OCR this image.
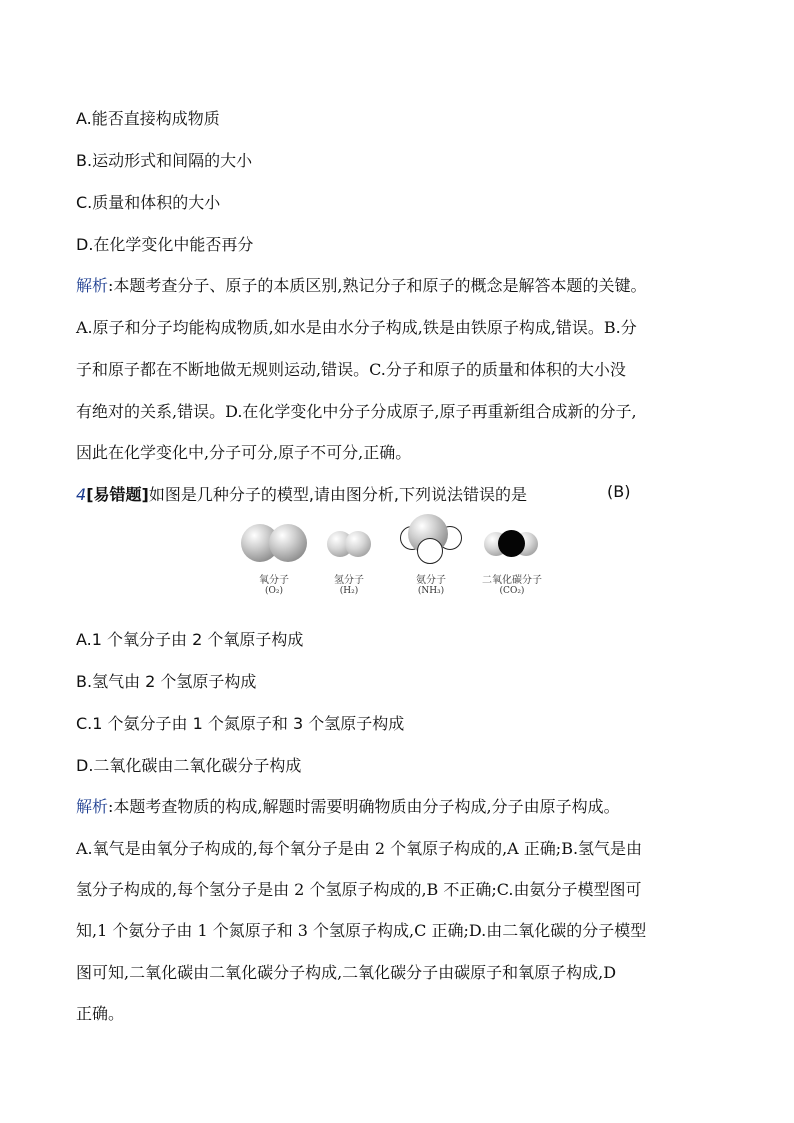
A.能否直接构成物质
B.运动形式和间隔的大小
C.质量和体积的大小
D.在化学变化中能否再分
解析:本题考查分子、原子的本质区别,熟记分子和原子的概念是解答本题的关键。
A.原子和分子均能构成物质,如水是由水分子构成,铁是由铁原子构成,错误。B.分
子和原子都在不断地做无规则运动,错误。C.分子和原子的质量和体积的大小没
有绝对的关系,错误。D.在化学变化中分子分成原子,原子再重新组合成新的分子,
因此在化学变化中,分子可分,原子不可分,正确。
4[易错题]如图是几种分子的模型,请由图分析,下列说法错误的是	(B)
氧分子
(O₂)
氢分子
(H₂)
氨分子
(NH₃)
二氧化碳分子
(CO₂)
A.1 个氧分子由 2 个氧原子构成
B.氢气由 2 个氢原子构成
C.1 个氨分子由 1 个氮原子和 3 个氢原子构成
D.二氧化碳由二氧化碳分子构成
解析:本题考查物质的构成,解题时需要明确物质由分子构成,分子由原子构成。
A.氧气是由氧分子构成的,每个氧分子是由 2 个氧原子构成的,A 正确;B.氢气是由
氢分子构成的,每个氢分子是由 2 个氢原子构成的,B 不正确;C.由氨分子模型图可
知,1 个氨分子由 1 个氮原子和 3 个氢原子构成,C 正确;D.由二氧化碳的分子模型
图可知,二氧化碳由二氧化碳分子构成,二氧化碳分子由碳原子和氧原子构成,D
正确。
